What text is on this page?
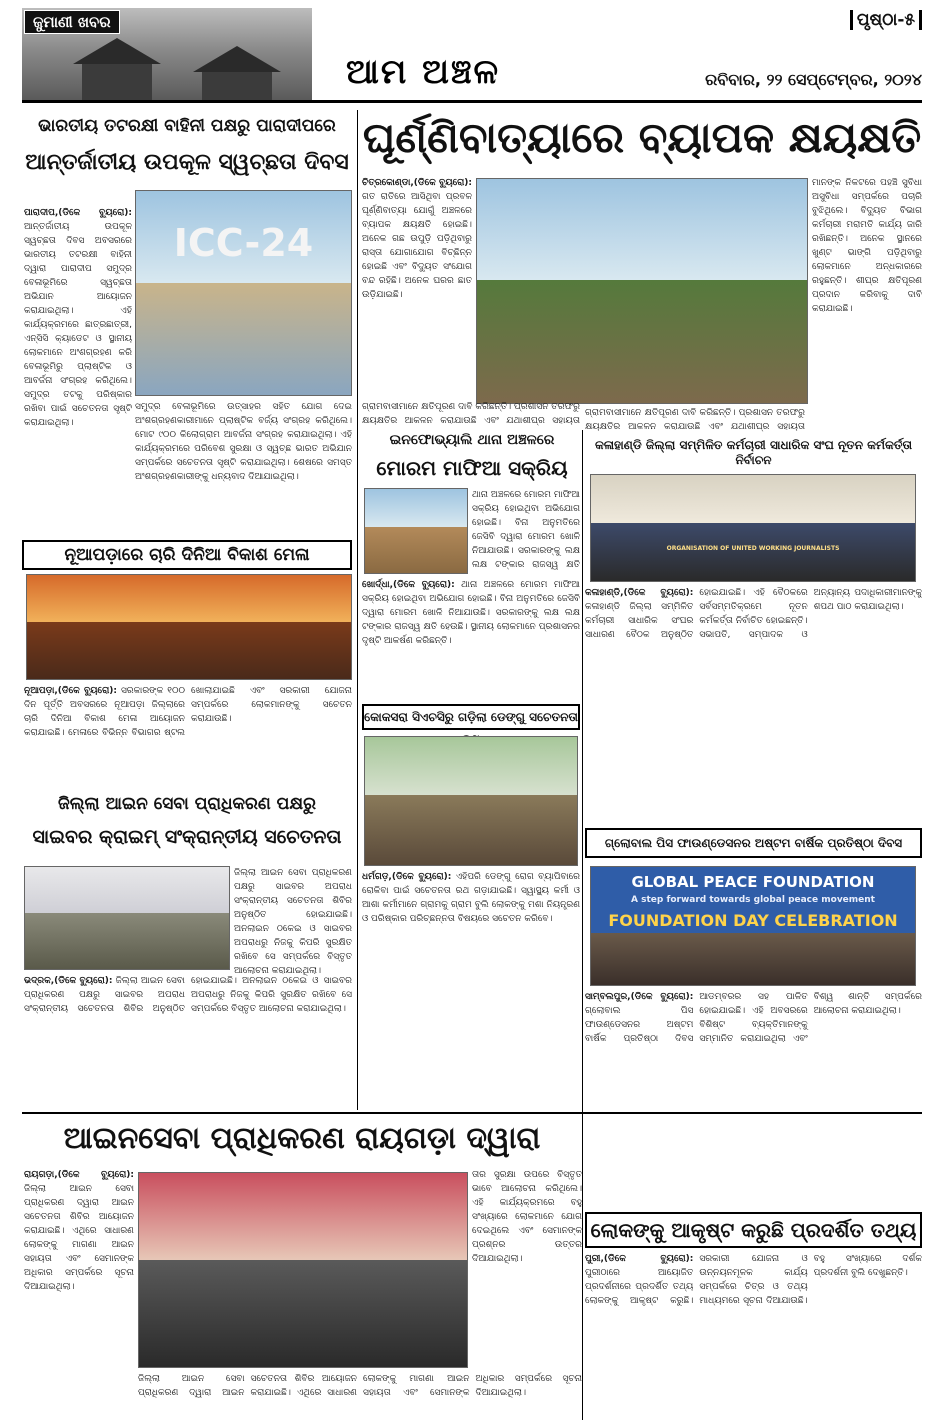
ଜୁମାଣୀ ଖବର
ଆମ ଅଞ୍ଚଳ
ପୃଷ୍ଠା-୫
ରବିବାର, ୨୨ ସେପ୍ଟେମ୍ବର, ୨୦୨୪
ଭାରତୀୟ ତଟରକ୍ଷୀ ବାହିନୀ ପକ୍ଷରୁ ପାରାଦୀପରେ
ଆନ୍ତର୍ଜାତୀୟ ଉପକୂଳ ସ୍ୱଚ୍ଛତା ଦିବସ
ICC-24
ପାରାଦୀପ,(ଡିକେ ବ୍ୟୁରୋ): ଆନ୍ତର୍ଜାତୀୟ ଉପକୂଳ ସ୍ୱଚ୍ଛତା ଦିବସ ଅବସରରେ ଭାରତୀୟ ତଟରକ୍ଷୀ ବାହିନୀ ଦ୍ୱାରା ପାରାଦୀପ ସମୁଦ୍ର ବେଳାଭୂମିରେ ସ୍ୱଚ୍ଛତା ଅଭିଯାନ ଆୟୋଜନ କରାଯାଇଥିଲା। ଏହି କାର୍ଯ୍ୟକ୍ରମରେ ଛାତ୍ରଛାତ୍ରୀ, ଏନ୍‌ସିସି କ୍ୟାଡେଟ ଓ ସ୍ଥାନୀୟ ଲୋକମାନେ ଅଂଶଗ୍ରହଣ କରି ବେଳାଭୂମିରୁ ପ୍ଲାଷ୍ଟିକ ଓ ଆବର୍ଜନା ସଂଗ୍ରହ କରିଥିଲେ। ସମୁଦ୍ର ତଟକୁ ପରିଷ୍କାର ରଖିବା ପାଇଁ ସଚେତନତା ସୃଷ୍ଟି କରାଯାଇଥିଲା।
ସମୁଦ୍ର ବେଳାଭୂମିରେ ଉତ୍ସାହର ସହିତ ଯୋଗ ଦେଇ ଅଂଶଗ୍ରହଣକାରୀମାନେ ପ୍ଲାଷ୍ଟିକ ବର୍ଜ୍ୟ ସଂଗ୍ରହ କରିଥିଲେ। ମୋଟ ୯୦୦ କିଲୋଗ୍ରାମ ଆବର୍ଜନା ସଂଗ୍ରହ କରାଯାଇଥିଲା। ଏହି କାର୍ଯ୍ୟକ୍ରମରେ ପରିବେଶ ସୁରକ୍ଷା ଓ ସ୍ୱଚ୍ଛ ଭାରତ ଅଭିଯାନ ସମ୍ପର୍କରେ ସଚେତନତା ସୃଷ୍ଟି କରାଯାଇଥିଲା। ଶେଷରେ ସମସ୍ତ ଅଂଶଗ୍ରହଣକାରୀଙ୍କୁ ଧନ୍ୟବାଦ ଦିଆଯାଇଥିଲା।
ଘୂର୍ଣ୍ଣିବାତ୍ୟାରେ ବ୍ୟାପକ କ୍ଷୟକ୍ଷତି
ଚିତ୍ରକୋଣ୍ଡା,(ଡିକେ ବ୍ୟୁରୋ): ଗତ ରାତିରେ ଆସିଥିବା ପ୍ରବଳ ଘୂର୍ଣ୍ଣିବାତ୍ୟା ଯୋଗୁଁ ଅଞ୍ଚଳରେ ବ୍ୟାପକ କ୍ଷୟକ୍ଷତି ହୋଇଛି। ଅନେକ ଗଛ ଉପୁଡ଼ି ପଡ଼ିଥିବାରୁ ରାସ୍ତା ଯୋଗାଯୋଗ ବିଚ୍ଛିନ୍ନ ହୋଇଛି ଏବଂ ବିଦ୍ୟୁତ ସଂଯୋଗ ବନ୍ଦ ରହିଛି। ଅନେକ ଘରର ଛାତ ଉଡ଼ିଯାଇଛି।
ମାନଙ୍କ ନିକଟରେ ପହଞ୍ଚି ସୁବିଧା ଅସୁବିଧା ସମ୍ପର୍କରେ ପଚାରି ବୁଝିଥିଲେ। ବିଦ୍ୟୁତ ବିଭାଗ କର୍ମଚାରୀ ମରାମତି କାର୍ଯ୍ୟ ଜାରି ରଖିଛନ୍ତି। ଅନେକ ସ୍ଥାନରେ ଖୁଣ୍ଟ ଭାଙ୍ଗି ପଡ଼ିଥିବାରୁ ଲୋକମାନେ ଅନ୍ଧକାରରେ ରହୁଛନ୍ତି। ଶୀଘ୍ର କ୍ଷତିପୂରଣ ପ୍ରଦାନ କରିବାକୁ ଦାବି କରାଯାଇଛି।
ଗ୍ରାମବାସୀମାନେ କ୍ଷତିପୂରଣ ଦାବି କରିଛନ୍ତି। ପ୍ରଶାସନ ତରଫରୁ କ୍ଷୟକ୍ଷତିର ଆକଳନ କରାଯାଉଛି ଏବଂ ଯଥାଶୀଘ୍ର ସହାୟତା
ଗ୍ରାମବାସୀମାନେ କ୍ଷତିପୂରଣ ଦାବି କରିଛନ୍ତି। ପ୍ରଶାସନ ତରଫରୁ କ୍ଷୟକ୍ଷତିର ଆକଳନ କରାଯାଉଛି ଏବଂ ଯଥାଶୀଘ୍ର ସହାୟତା
ଇନଫୋଭ୍ୟାଲି ଥାନା ଅଞ୍ଚଳରେ
ମୋରମ ମାଫିଆ ସକ୍ରିୟ
ଥାନା ଅଞ୍ଚଳରେ ମୋରମ ମାଫିଆ ସକ୍ରିୟ ହୋଇଥିବା ଅଭିଯୋଗ ହୋଇଛି। ବିନା ଅନୁମତିରେ ଜେସିବି ଦ୍ୱାରା ମୋରମ ଖୋଳି ନିଆଯାଉଛି। ସରକାରଙ୍କୁ ଲକ୍ଷ ଲକ୍ଷ ଟଙ୍କାର ରାଜସ୍ୱ କ୍ଷତି
ଖୋର୍ଦ୍ଧା,(ଡିକେ ବ୍ୟୁରୋ): ଥାନା ଅଞ୍ଚଳରେ ମୋରମ ମାଫିଆ ସକ୍ରିୟ ହୋଇଥିବା ଅଭିଯୋଗ ହୋଇଛି। ବିନା ଅନୁମତିରେ ଜେସିବି ଦ୍ୱାରା ମୋରମ ଖୋଳି ନିଆଯାଉଛି। ସରକାରଙ୍କୁ ଲକ୍ଷ ଲକ୍ଷ ଟଙ୍କାର ରାଜସ୍ୱ କ୍ଷତି ହେଉଛି। ସ୍ଥାନୀୟ ଲୋକମାନେ ପ୍ରଶାସନର ଦୃଷ୍ଟି ଆକର୍ଷଣ କରିଛନ୍ତି।
କଳାହାଣ୍ଡି ଜିଲ୍ଲା ସମ୍ମିଳିତ କର୍ମଚାରୀ ସାଧାରିକ ସଂଘ ନୂତନ କର୍ମକର୍ତ୍ତା ନିର୍ବାଚନ
ORGANISATION OF UNITED WORKING JOURNALISTS
କଳାହାଣ୍ଡି,(ଡିକେ ବ୍ୟୁରୋ): କଳାହାଣ୍ଡି ଜିଲ୍ଲା ସମ୍ମିଳିତ କର୍ମଚାରୀ ସାଧାରିକ ସଂଘର ସାଧାରଣ ବୈଠକ ଅନୁଷ୍ଠିତ ହୋଇଯାଇଛି। ଏହି ବୈଠକରେ ସର୍ବସମ୍ମତିକ୍ରମେ ନୂତନ କର୍ମକର୍ତ୍ତା ନିର୍ବାଚିତ ହୋଇଛନ୍ତି। ସଭାପତି, ସମ୍ପାଦକ ଓ ଅନ୍ୟାନ୍ୟ ପଦାଧିକାରୀମାନଙ୍କୁ ଶପଥ ପାଠ କରାଯାଇଥିଲା।
ନୂଆପଡ଼ାରେ ଚାରି ଦିନିଆ ବିକାଶ ମେଳା
ନୂଆପଡ଼ା,(ଡିକେ ବ୍ୟୁରୋ): ସରକାରଙ୍କ ୧୦୦ ଦିନ ପୂର୍ତ୍ତି ଅବସରରେ ନୂଆପଡ଼ା ଜିଲ୍ଲାରେ ଚାରି ଦିନିଆ ବିକାଶ ମେଳା ଆୟୋଜନ କରାଯାଇଛି। ମେଳାରେ ବିଭିନ୍ନ ବିଭାଗର ଷ୍ଟଲ ଖୋଲାଯାଇଛି ଏବଂ ସରକାରୀ ଯୋଜନା ସମ୍ପର୍କରେ ଲୋକମାନଙ୍କୁ ସଚେତନ କରାଯାଉଛି।	କୋକସରା ସିଏଚସିରୁ ଗଡ଼ିଲା ଡେଙ୍ଗୁ ସଚେତନତା
ଧର୍ମଗଡ଼,(ଡିକେ ବ୍ୟୁରୋ): ଏହିପରି ଡେଙ୍ଗୁ ରୋଗ ବ୍ୟାପିବାରେ ରୋକିବା ପାଇଁ ସଚେତନତା ରଥ ଗଡ଼ାଯାଇଛି। ସ୍ୱାସ୍ଥ୍ୟ କର୍ମୀ ଓ ଆଶା କର୍ମୀମାନେ ଗ୍ରାମକୁ ଗ୍ରାମ ବୁଲି ଲୋକଙ୍କୁ ମଶା ନିୟନ୍ତ୍ରଣ ଓ ପରିଷ୍କାର ପରିଚ୍ଛନ୍ନତା ବିଷୟରେ ସଚେତନ କରିବେ।
ଜିଲ୍ଲା ଆଇନ ସେବା ପ୍ରାଧିକରଣ ପକ୍ଷରୁ
ସାଇବର କ୍ରାଇମ୍ ସଂକ୍ରାନ୍ତୀୟ ସଚେତନତା
ଜିଲ୍ଲା ଆଇନ ସେବା ପ୍ରାଧିକରଣ ପକ୍ଷରୁ ସାଇବର ଅପରାଧ ସଂକ୍ରାନ୍ତୀୟ ସଚେତନତା ଶିବିର ଅନୁଷ୍ଠିତ ହୋଇଯାଇଛି। ଅନଲାଇନ ଠକେଇ ଓ ସାଇବର ଅପରାଧରୁ ନିଜକୁ କିପରି ସୁରକ୍ଷିତ ରଖିବେ ସେ ସମ୍ପର୍କରେ ବିସ୍ତୃତ ଆଲୋଚନା କରାଯାଇଥିଲା।
ଭଦ୍ରକ,(ଡିକେ ବ୍ୟୁରୋ): ଜିଲ୍ଲା ଆଇନ ସେବା ପ୍ରାଧିକରଣ ପକ୍ଷରୁ ସାଇବର ଅପରାଧ ସଂକ୍ରାନ୍ତୀୟ ସଚେତନତା ଶିବିର ଅନୁଷ୍ଠିତ ହୋଇଯାଇଛି। ଅନଲାଇନ ଠକେଇ ଓ ସାଇବର ଅପରାଧରୁ ନିଜକୁ କିପରି ସୁରକ୍ଷିତ ରଖିବେ ସେ ସମ୍ପର୍କରେ ବିସ୍ତୃତ ଆଲୋଚନା କରାଯାଇଥିଲା।
ଗ୍ଲୋବାଲ ପିସ ଫାଉଣ୍ଡେସନର ଅଷ୍ଟମ ବାର୍ଷିକ ପ୍ରତିଷ୍ଠା ଦିବସ
GLOBAL PEACE FOUNDATION
A step forward towards global peace movement
FOUNDATION DAY CELEBRATION
ସାମ୍ବଲପୁର,(ଡିକେ ବ୍ୟୁରୋ): ଗ୍ଲୋବାଲ ପିସ ଫାଉଣ୍ଡେସନର ଅଷ୍ଟମ ବାର୍ଷିକ ପ୍ରତିଷ୍ଠା ଦିବସ ଆଡମ୍ବରର ସହ ପାଳିତ ହୋଇଯାଇଛି। ଏହି ଅବସରରେ ବିଶିଷ୍ଟ ବ୍ୟକ୍ତିମାନଙ୍କୁ ସମ୍ମାନିତ କରାଯାଇଥିଲା ଏବଂ ବିଶ୍ୱ ଶାନ୍ତି ସମ୍ପର୍କରେ ଆଲୋଚନା କରାଯାଇଥିଲା।
ଆଇନସେବା ପ୍ରାଧିକରଣ ରାୟଗଡ଼ା ଦ୍ୱାରା
ରାୟଗଡ଼ା,(ଡିକେ ବ୍ୟୁରୋ): ଜିଲ୍ଲା ଆଇନ ସେବା ପ୍ରାଧିକରଣ ଦ୍ୱାରା ଆଇନ ସଚେତନତା ଶିବିର ଆୟୋଜନ କରାଯାଇଛି। ଏଥିରେ ସାଧାରଣ ଲୋକଙ୍କୁ ମାଗଣା ଆଇନ ସହାୟତା ଏବଂ ସେମାନଙ୍କ ଅଧିକାର ସମ୍ପର୍କରେ ସୂଚନା ଦିଆଯାଇଥିଲା।
ତାର ସୁରକ୍ଷା ଉପରେ ବିସ୍ତୃତ ଭାବେ ଆଲୋଚନା କରିଥିଲେ। ଏହି କାର୍ଯ୍ୟକ୍ରମରେ ବହୁ ସଂଖ୍ୟାରେ ଲୋକମାନେ ଯୋଗ ଦେଇଥିଲେ ଏବଂ ସେମାନଙ୍କ ପ୍ରଶ୍ନର ଉତ୍ତର ଦିଆଯାଇଥିଲା।
ଜିଲ୍ଲା ଆଇନ ସେବା ପ୍ରାଧିକରଣ ଦ୍ୱାରା ଆଇନ ସଚେତନତା ଶିବିର ଆୟୋଜନ କରାଯାଇଛି। ଏଥିରେ ସାଧାରଣ ଲୋକଙ୍କୁ ମାଗଣା ଆଇନ ସହାୟତା ଏବଂ ସେମାନଙ୍କ ଅଧିକାର ସମ୍ପର୍କରେ ସୂଚନା ଦିଆଯାଇଥିଲା।
ଲୋକଙ୍କୁ ଆକୃଷ୍ଟ କରୁଛି ପ୍ରଦର୍ଶିତ ତଥ୍ୟ
ପୁରୀ,(ଡିକେ ବ୍ୟୁରୋ): ପୁରୀଠାରେ ଆୟୋଜିତ ପ୍ରଦର୍ଶନୀରେ ପ୍ରଦର୍ଶିତ ତଥ୍ୟ ଲୋକଙ୍କୁ ଆକୃଷ୍ଟ କରୁଛି। ସରକାରୀ ଯୋଜନା ଓ ଉନ୍ନୟନମୂଳକ କାର୍ଯ୍ୟ ସମ୍ପର୍କରେ ଚିତ୍ର ଓ ତଥ୍ୟ ମାଧ୍ୟମରେ ସୂଚନା ଦିଆଯାଉଛି। ବହୁ ସଂଖ୍ୟାରେ ଦର୍ଶକ ପ୍ରଦର୍ଶନୀ ବୁଲି ଦେଖୁଛନ୍ତି।
